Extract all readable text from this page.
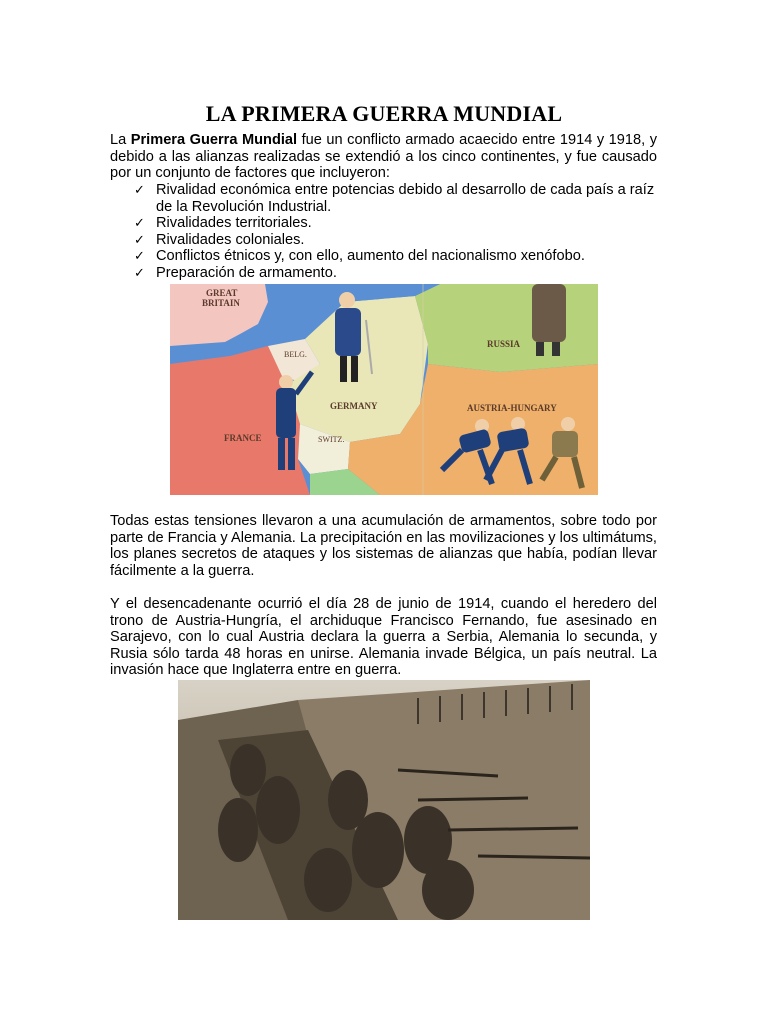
LA PRIMERA GUERRA MUNDIAL

La Primera Guerra Mundial fue un conflicto armado acaecido entre 1914 y 1918, y debido a las alianzas realizadas se extendió a los cinco continentes, y fue causado por un conjunto de factores que incluyeron:

✓ Rivalidad económica entre potencias debido al desarrollo de cada país a raíz de la Revolución Industrial.
✓ Rivalidades territoriales.
✓ Rivalidades coloniales.
✓ Conflictos étnicos y, con ello, aumento del nacionalismo xenófobo.
✓ Preparación de armamento.
GREAT
BRITAIN
BELG.
GERMANY
FRANCE	SWITZ.
RUSSIA
AUSTRIA-HUNGARY

Todas estas tensiones llevaron a una acumulación de armamentos, sobre todo por parte de Francia y Alemania. La precipitación en las movilizaciones y los ultimátums, los planes secretos de ataques y los sistemas de alianzas que había, podían llevar fácilmente a la guerra.

Y el desencadenante ocurrió el día 28 de junio de 1914, cuando el heredero del trono de Austria-Hungría, el archiduque Francisco Fernando, fue asesinado en Sarajevo, con lo cual Austria declara la guerra a Serbia, Alemania lo secunda, y Rusia sólo tarda 48 horas en unirse. Alemania invade Bélgica, un país neutral. La invasión hace que Inglaterra entre en guerra.
